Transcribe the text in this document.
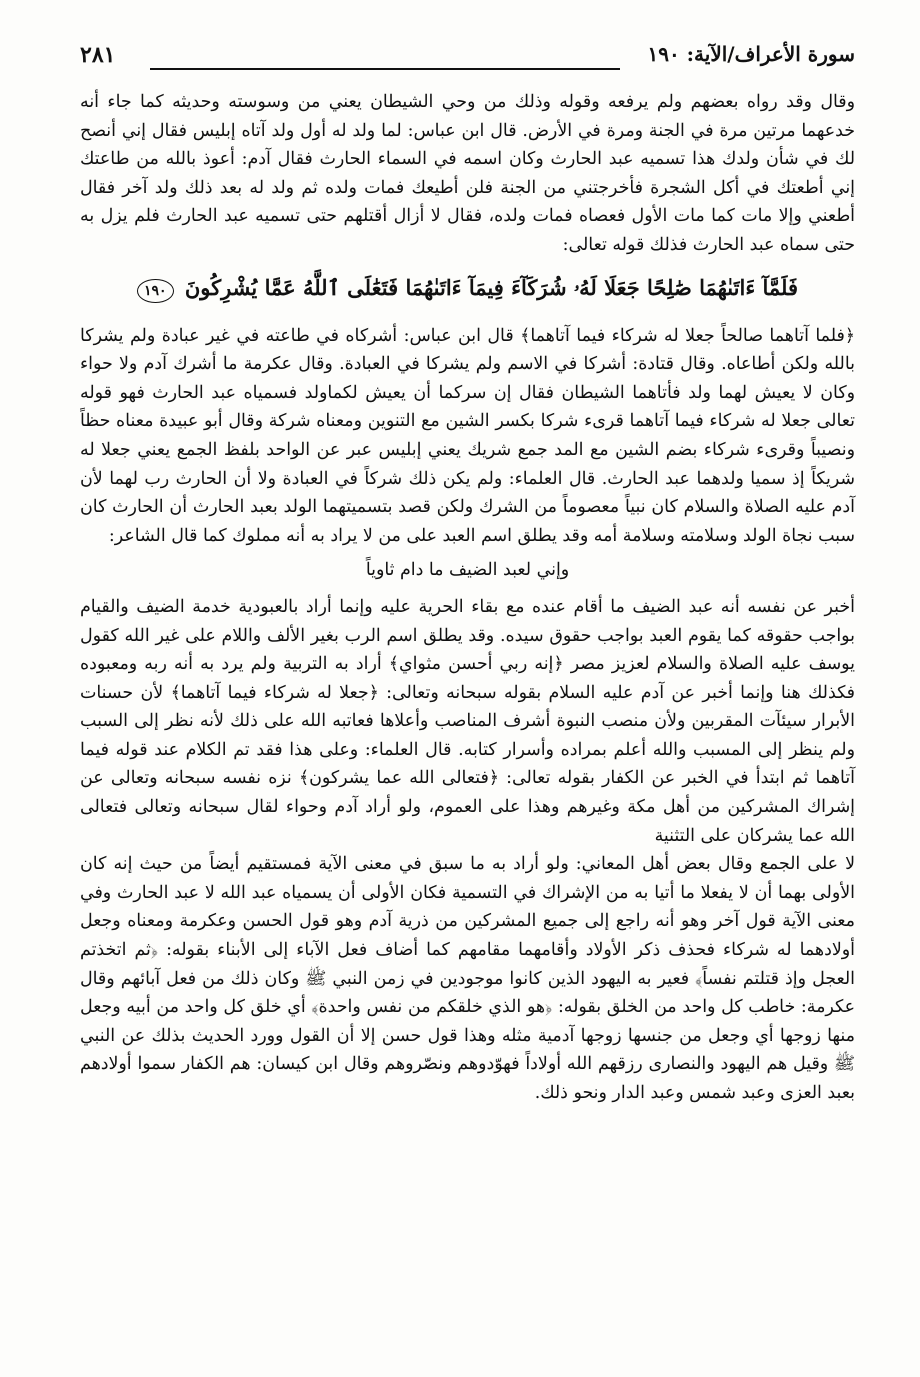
سورة الأعراف/الآية: ١٩٠
٢٨١

وقال وقد رواه بعضهم ولم يرفعه وقوله وذلك من وحي الشيطان يعني من وسوسته وحديثه كما جاء أنه خدعهما مرتين مرة في الجنة ومرة في الأرض. قال ابن عباس: لما ولد له أول ولد آتاه إبليس فقال إني أنصح لك في شأن ولدك هذا تسميه عبد الحارث وكان اسمه في السماء الحارث فقال آدم: أعوذ بالله من طاعتك إني أطعتك في أكل الشجرة فأخرجتني من الجنة فلن أطيعك فمات ولده ثم ولد له بعد ذلك ولد آخر فقال أطعني وإلا مات كما مات الأول فعصاه فمات ولده، فقال لا أزال أقتلهم حتى تسميه عبد الحارث فلم يزل به حتى سماه عبد الحارث فذلك قوله تعالى:

فَلَمَّآ ءَاتَىٰهُمَا صَٰلِحًا جَعَلَا لَهُۥ شُرَكَآءَ فِيمَآ ءَاتَىٰهُمَا فَتَعَٰلَى ٱللَّهُ عَمَّا يُشْرِكُونَ ١٩٠

﴿فلما آتاهما صالحاً جعلا له شركاء فيما آتاهما﴾ قال ابن عباس: أشركاه في طاعته في غير عبادة ولم يشركا بالله ولكن أطاعاه. وقال قتادة: أشركا في الاسم ولم يشركا في العبادة. وقال عكرمة ما أشرك آدم ولا حواء وكان لا يعيش لهما ولد فأتاهما الشيطان فقال إن سركما أن يعيش لكماولد فسمياه عبد الحارث فهو قوله تعالى جعلا له شركاء فيما آتاهما قرىء شركا بكسر الشين مع التنوين ومعناه شركة وقال أبو عبيدة معناه حظاً ونصيباً وقرىء شركاء بضم الشين مع المد جمع شريك يعني إبليس عبر عن الواحد بلفظ الجمع يعني جعلا له شريكاً إذ سميا ولدهما عبد الحارث. قال العلماء: ولم يكن ذلك شركاً في العبادة ولا أن الحارث رب لهما لأن آدم عليه الصلاة والسلام كان نبياً معصوماً من الشرك ولكن قصد بتسميتهما الولد بعبد الحارث أن الحارث كان سبب نجاة الولد وسلامته وسلامة أمه وقد يطلق اسم العبد على من لا يراد به أنه مملوك كما قال الشاعر:

وإني لعبد الضيف ما دام ثاوياً

أخبر عن نفسه أنه عبد الضيف ما أقام عنده مع بقاء الحرية عليه وإنما أراد بالعبودية خدمة الضيف والقيام بواجب حقوقه كما يقوم العبد بواجب حقوق سيده. وقد يطلق اسم الرب بغير الألف واللام على غير الله كقول يوسف عليه الصلاة والسلام لعزيز مصر ﴿إنه ربي أحسن مثواي﴾ أراد به التربية ولم يرد به أنه ربه ومعبوده فكذلك هنا وإنما أخبر عن آدم عليه السلام بقوله سبحانه وتعالى: ﴿جعلا له شركاء فيما آتاهما﴾ لأن حسنات الأبرار سيئآت المقربين ولأن منصب النبوة أشرف المناصب وأعلاها فعاتبه الله على ذلك لأنه نظر إلى السبب ولم ينظر إلى المسبب والله أعلم بمراده وأسرار كتابه. قال العلماء: وعلى هذا فقد تم الكلام عند قوله فيما آتاهما ثم ابتدأ في الخبر عن الكفار بقوله تعالى: ﴿فتعالى الله عما يشركون﴾ نزه نفسه سبحانه وتعالى عن إشراك المشركين من أهل مكة وغيرهم وهذا على العموم، ولو أراد آدم وحواء لقال سبحانه وتعالى فتعالى الله عما يشركان على التثنية

لا على الجمع وقال بعض أهل المعاني: ولو أراد به ما سبق في معنى الآية فمستقيم أيضاً من حيث إنه كان الأولى بهما أن لا يفعلا ما أتيا به من الإشراك في التسمية فكان الأولى أن يسمياه عبد الله لا عبد الحارث وفي معنى الآية قول آخر وهو أنه راجع إلى جميع المشركين من ذرية آدم وهو قول الحسن وعكرمة ومعناه وجعل أولادهما له شركاء فحذف ذكر الأولاد وأقامهما مقامهم كما أضاف فعل الآباء إلى الأبناء بقوله: ﴿ثم اتخذتم العجل وإذ قتلتم نفساً﴾ فعير به اليهود الذين كانوا موجودين في زمن النبي ﷺ وكان ذلك من فعل آبائهم وقال عكرمة: خاطب كل واحد من الخلق بقوله: ﴿هو الذي خلقكم من نفس واحدة﴾ أي خلق كل واحد من أبيه وجعل منها زوجها أي وجعل من جنسها زوجها آدمية مثله وهذا قول حسن إلا أن القول وورد الحديث بذلك عن النبي ﷺ وقيل هم اليهود والنصارى رزقهم الله أولاداً فهوّدوهم ونصّروهم وقال ابن كيسان: هم الكفار سموا أولادهم بعبد العزى وعبد شمس وعبد الدار ونحو ذلك.
